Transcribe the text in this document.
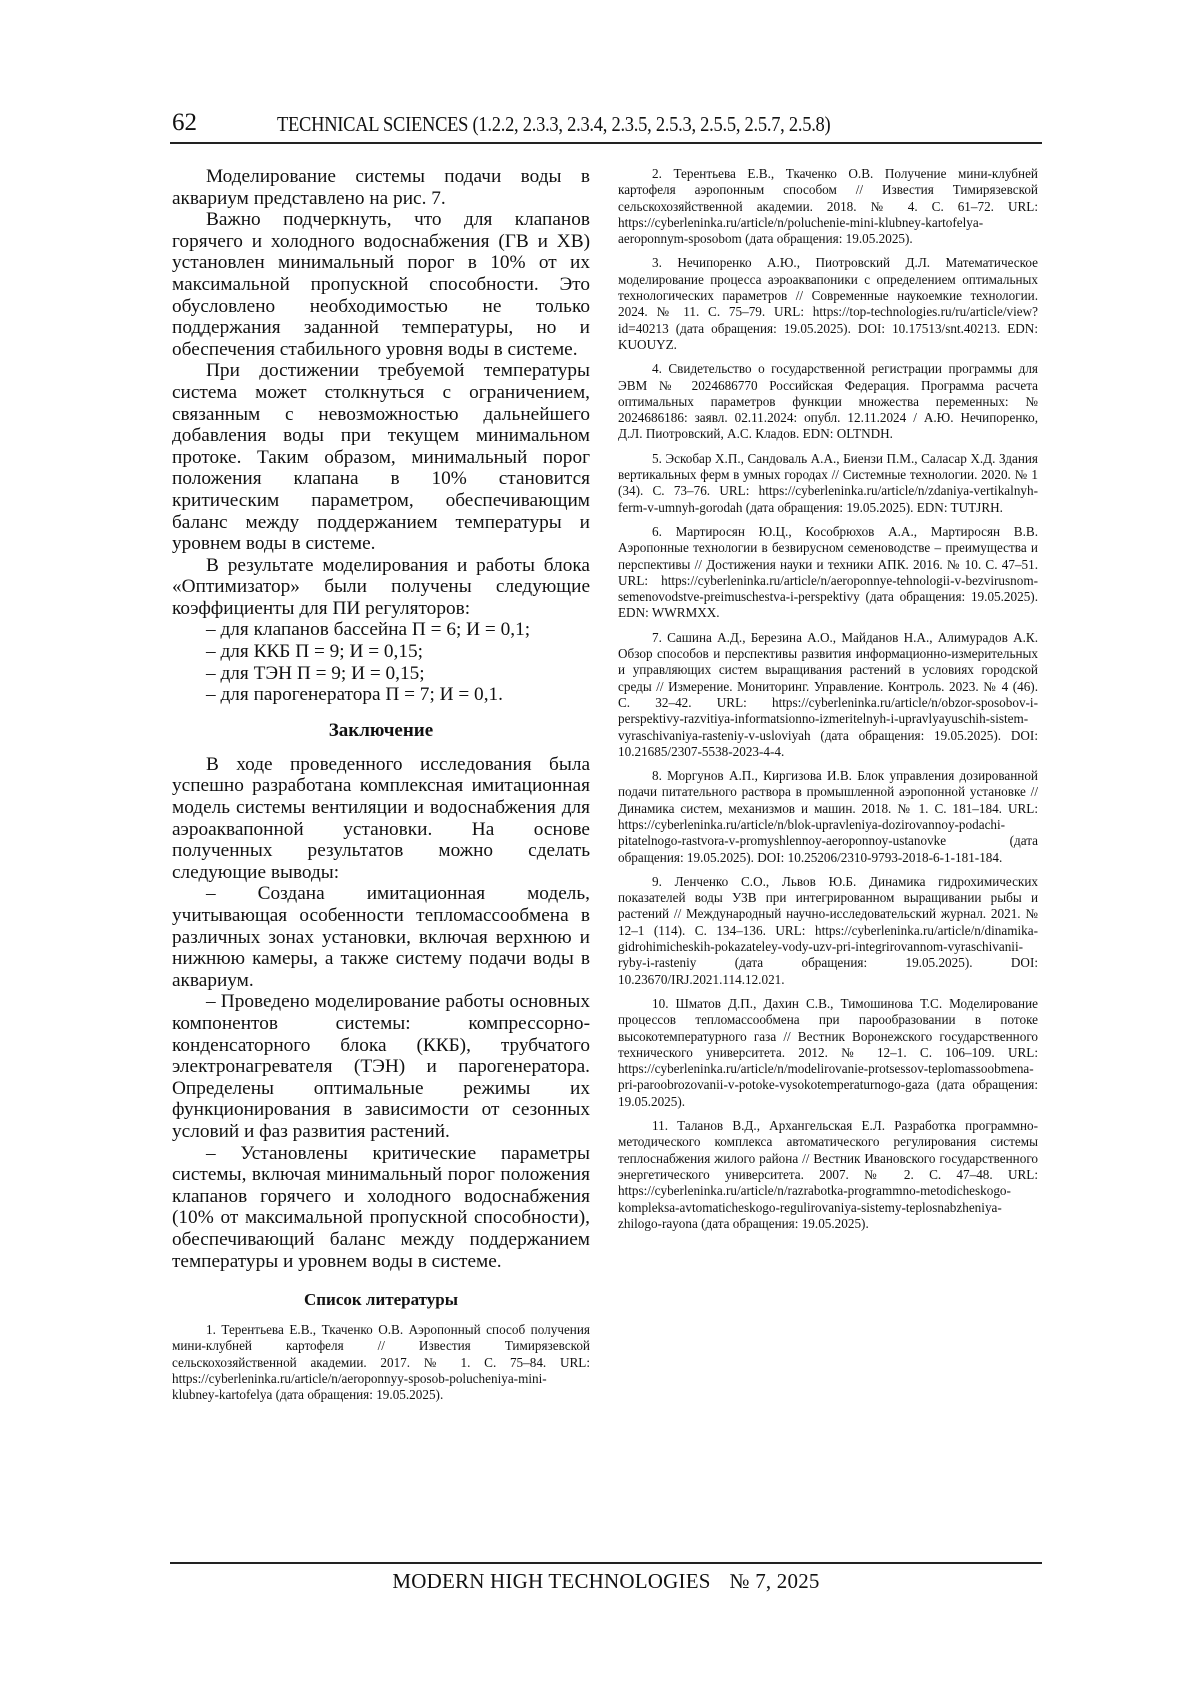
62	TECHNICAL SCIENCES (1.2.2, 2.3.3, 2.3.4, 2.3.5, 2.5.3, 2.5.5, 2.5.7, 2.5.8)

Моделирование системы подачи воды в аквариум представлено на рис. 7.

Важно подчеркнуть, что для клапанов горячего и холодного водоснабжения (ГВ и ХВ) установлен минимальный порог в 10% от их максимальной пропускной способности. Это обусловлено необходимостью не только поддержания заданной температуры, но и обеспечения стабильного уровня воды в системе.

При достижении требуемой температуры система может столкнуться с ограничением, связанным с невозможностью дальнейшего добавления воды при текущем минимальном протоке. Таким образом, минимальный порог положения клапана в 10% становится критическим параметром, обеспечивающим баланс между поддержанием температуры и уровнем воды в системе.

В результате моделирования и работы блока «Оптимизатор» были получены следующие коэффициенты для ПИ регуляторов:

– для клапанов бассейна П = 6; И = 0,1;
– для ККБ П = 9; И = 0,15;
– для ТЭН П = 9; И = 0,15;
– для парогенератора П = 7; И = 0,1.
Заключение

В ходе проведенного исследования была успешно разработана комплексная имитационная модель системы вентиляции и водоснабжения для аэроаквапонной установки. На основе полученных результатов можно сделать следующие выводы:

– Создана имитационная модель, учитывающая особенности тепломассообмена в различных зонах установки, включая верхнюю и нижнюю камеры, а также систему подачи воды в аквариум.

– Проведено моделирование работы основных компонентов системы: компрессорно-конденсаторного блока (ККБ), трубчатого электронагревателя (ТЭН) и парогенератора. Определены оптимальные режимы их функционирования в зависимости от сезонных условий и фаз развития растений.

– Установлены критические параметры системы, включая минимальный порог положения клапанов горячего и холодного водоснабжения (10% от максимальной пропускной способности), обеспечивающий баланс между поддержанием температуры и уровнем воды в системе.

Список литературы

1. Терентьева Е.В., Ткаченко О.В. Аэропонный способ получения мини-клубней картофеля // Известия Тимирязевской сельскохозяйственной академии. 2017. № 1. С. 75–84. URL: https://cyberleninka.ru/article/n/aeroponnyy-sposob-polucheniya-mini-klubney-kartofelya (дата обращения: 19.05.2025).

2. Терентьева Е.В., Ткаченко О.В. Получение мини-клубней картофеля аэропонным способом // Известия Тимирязевской сельскохозяйственной академии. 2018. № 4. С. 61–72. URL: https://cyberleninka.ru/article/n/poluchenie-mini-klubney-kartofelya-aeroponnym-sposobom (дата обращения: 19.05.2025).

3. Нечипоренко А.Ю., Пиотровский Д.Л. Математическое моделирование процесса аэроаквапоники с определением оптимальных технологических параметров // Современные наукоемкие технологии. 2024. № 11. С. 75–79. URL: https://top-technologies.ru/ru/article/view?id=40213 (дата обращения: 19.05.2025). DOI: 10.17513/snt.40213. EDN: KUOUYZ.

4. Свидетельство о государственной регистрации программы для ЭВМ № 2024686770 Российская Федерация. Программа расчета оптимальных параметров функции множества переменных: № 2024686186: заявл. 02.11.2024: опубл. 12.11.2024 / А.Ю. Нечипоренко, Д.Л. Пиотровский, А.С. Кладов. EDN: OLTNDH.

5. Эскобар Х.П., Сандоваль А.А., Биензи П.М., Саласар Х.Д. Здания вертикальных ферм в умных городах // Системные технологии. 2020. № 1 (34). С. 73–76. URL: https://cyberleninka.ru/article/n/zdaniya-vertikalnyh-ferm-v-umnyh-gorodah (дата обращения: 19.05.2025). EDN: TUTJRH.

6. Мартиросян Ю.Ц., Кособрюхов А.А., Мартиросян В.В. Аэропонные технологии в безвирусном семеноводстве – преимущества и перспективы // Достижения науки и техники АПК. 2016. № 10. С. 47–51. URL: https://cyberleninka.ru/article/n/aeroponnye-tehnologii-v-bezvirusnom-semenovodstve-preimuschestva-i-perspektivy (дата обращения: 19.05.2025). EDN: WWRMXX.

7. Сашина А.Д., Березина А.О., Майданов Н.А., Алимурадов А.К. Обзор способов и перспективы развития информационно-измерительных и управляющих систем выращивания растений в условиях городской среды // Измерение. Мониторинг. Управление. Контроль. 2023. № 4 (46). С. 32–42. URL: https://cyberleninka.ru/article/n/obzor-sposobov-i-perspektivy-razvitiya-informatsionno-izmeritelnyh-i-upravlyayuschih-sistem-vyraschivaniya-rasteniy-v-usloviyah (дата обращения: 19.05.2025). DOI: 10.21685/2307-5538-2023-4-4.

8. Моргунов А.П., Киргизова И.В. Блок управления дозированной подачи питательного раствора в промышленной аэропонной установке // Динамика систем, механизмов и машин. 2018. № 1. С. 181–184. URL: https://cyberleninka.ru/article/n/blok-upravleniya-dozirovannoy-podachi-pitatelnogo-rastvora-v-promyshlennoy-aeroponnoy-ustanovke (дата обращения: 19.05.2025). DOI: 10.25206/2310-9793-2018-6-1-181-184.

9. Ленченко С.О., Львов Ю.Б. Динамика гидрохимических показателей воды УЗВ при интегрированном выращивании рыбы и растений // Международный научно-исследовательский журнал. 2021. № 12–1 (114). С. 134–136. URL: https://cyberleninka.ru/article/n/dinamika-gidrohimicheskih-pokazateley-vody-uzv-pri-integrirovannom-vyraschivanii-ryby-i-rasteniy (дата обращения: 19.05.2025). DOI: 10.23670/IRJ.2021.114.12.021.

10. Шматов Д.П., Дахин С.В., Тимошинова Т.С. Моделирование процессов тепломассообмена при парообразовании в потоке высокотемпературного газа // Вестник Воронежского государственного технического университета. 2012. № 12–1. С. 106–109. URL: https://cyberleninka.ru/article/n/modelirovanie-protsessov-teplomassoobmena-pri-paroobrozovanii-v-potoke-vysokotemperaturnogo-gaza (дата обращения: 19.05.2025).

11. Таланов В.Д., Архангельская Е.Л. Разработка программно-методического комплекса автоматического регулирования системы теплоснабжения жилого района // Вестник Ивановского государственного энергетического университета. 2007. № 2. С. 47–48. URL: https://cyberleninka.ru/article/n/razrabotka-programmno-metodicheskogo-kompleksa-avtomaticheskogo-regulirovaniya-sistemy-teplosnabzheniya-zhilogo-rayona (дата обращения: 19.05.2025).

MODERN HIGH TECHNOLOGIES № 7, 2025
